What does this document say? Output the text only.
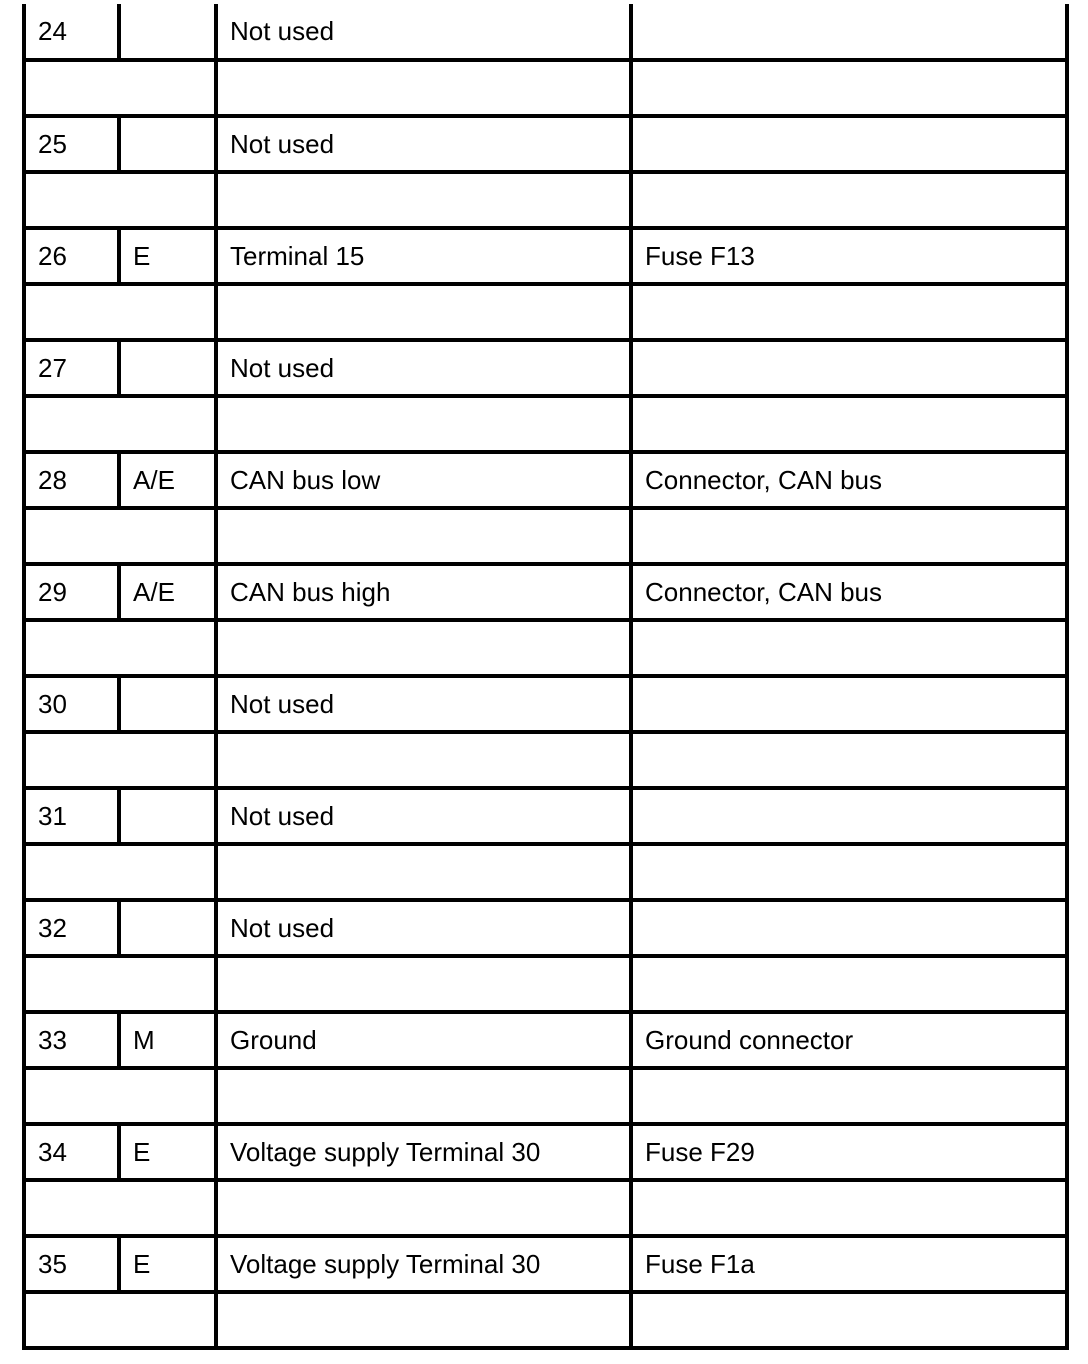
24		Not used	

25		Not used	

26	E	Terminal 15	Fuse F13

27		Not used	

28	A/E	CAN bus low	Connector, CAN bus

29	A/E	CAN bus high	Connector, CAN bus

30		Not used	

31		Not used	

32		Not used	

33	M	Ground	Ground connector

34	E	Voltage supply Terminal 30	Fuse F29

35	E	Voltage supply Terminal 30	Fuse F1a
